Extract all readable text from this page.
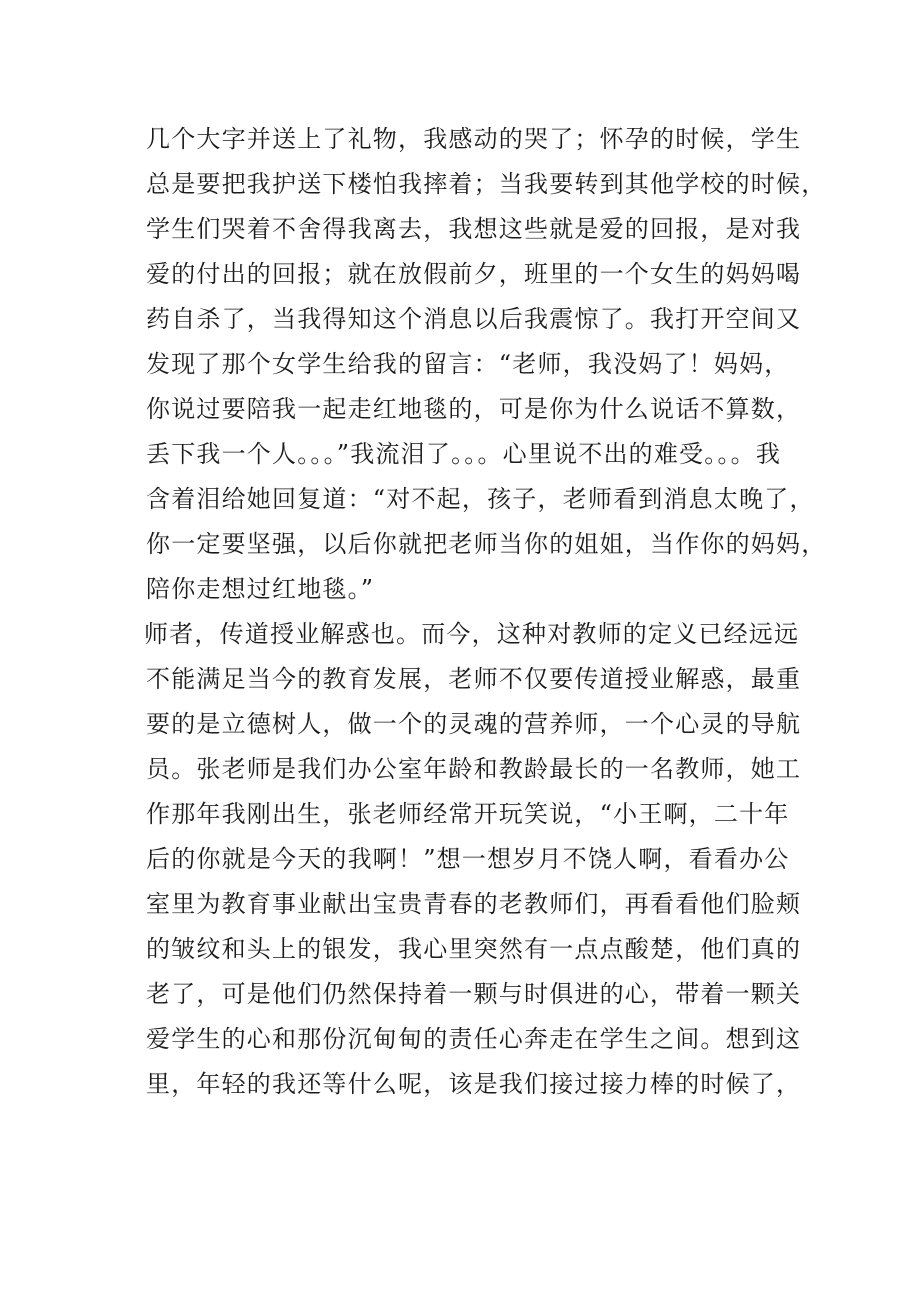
几个大字并送上了礼物，我感动的哭了；怀孕的时候，学生
总是要把我护送下楼怕我摔着；当我要转到其他学校的时候，
学生们哭着不舍得我离去，我想这些就是爱的回报，是对我
爱的付出的回报；就在放假前夕，班里的一个女生的妈妈喝
药自杀了，当我得知这个消息以后我震惊了。我打开空间又
发现了那个女学生给我的留言：“老师，我没妈了！妈妈，
你说过要陪我一起走红地毯的，可是你为什么说话不算数，
丢下我一个人。。。”我流泪了。。。心里说不出的难受。。。我
含着泪给她回复道：“对不起，孩子，老师看到消息太晚了，
你一定要坚强，以后你就把老师当你的姐姐，当作你的妈妈，
陪你走想过红地毯。”
师者，传道授业解惑也。而今，这种对教师的定义已经远远
不能满足当今的教育发展，老师不仅要传道授业解惑，最重
要的是立德树人，做一个的灵魂的营养师，一个心灵的导航
员。张老师是我们办公室年龄和教龄最长的一名教师，她工
作那年我刚出生，张老师经常开玩笑说，“小王啊，二十年
后的你就是今天的我啊！”想一想岁月不饶人啊，看看办公
室里为教育事业献出宝贵青春的老教师们，再看看他们脸颊
的皱纹和头上的银发，我心里突然有一点点酸楚，他们真的
老了，可是他们仍然保持着一颗与时俱进的心，带着一颗关
爱学生的心和那份沉甸甸的责任心奔走在学生之间。想到这
里，年轻的我还等什么呢，该是我们接过接力棒的时候了，
